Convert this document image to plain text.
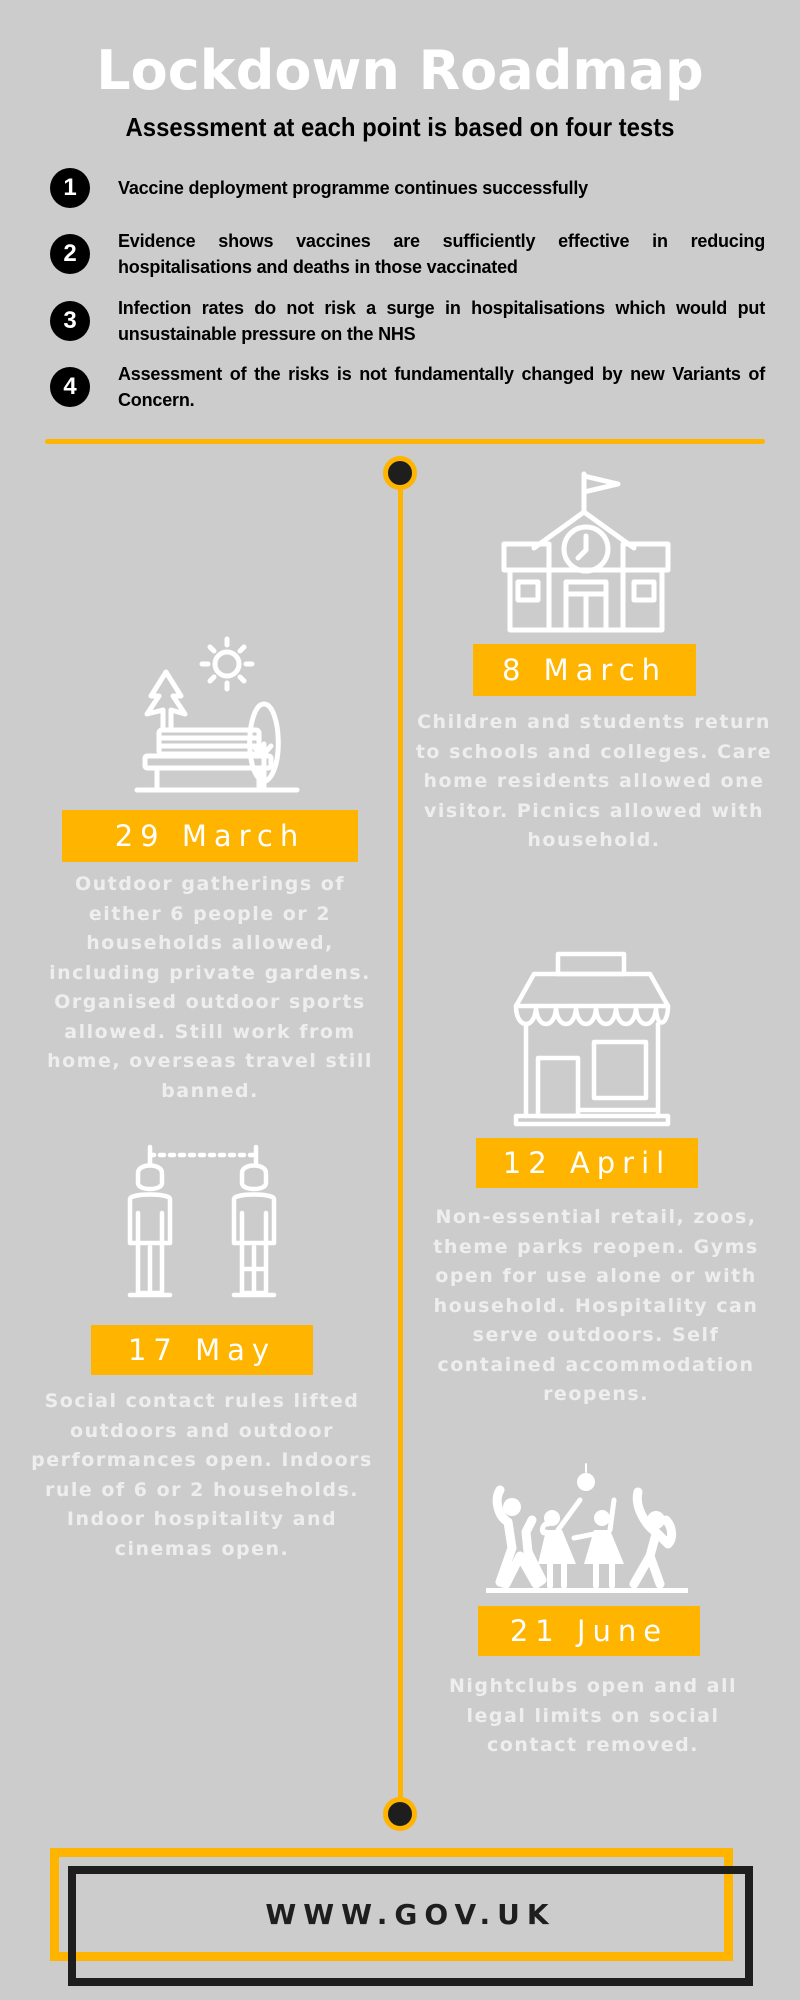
Lockdown Roadmap
Assessment at each point is based on four tests
1	Vaccine deployment programme continues successfully
2	Evidence shows vaccines are sufficiently effective in reducing hospitalisations and deaths in those vaccinated
3	Infection rates do not risk a surge in hospitalisations which would put unsustainable pressure on the NHS
4	Assessment of the risks is not fundamentally changed by new Variants of Concern.
8 March
Children and students return to schools and colleges. Care home residents allowed one visitor. Picnics allowed with household.
29 March
Outdoor gatherings of either 6 people or 2 households allowed, including private gardens. Organised outdoor sports allowed. Still work from home, overseas travel still banned.
12 April
Non-essential retail, zoos, theme parks reopen. Gyms open for use alone or with household. Hospitality can serve outdoors. Self contained accommodation reopens.
17 May
Social contact rules lifted outdoors and outdoor performances open. Indoors rule of 6 or 2 households. Indoor hospitality and cinemas open.
21 June
Nightclubs open and all legal limits on social contact removed.
WWW.GOV.UK
